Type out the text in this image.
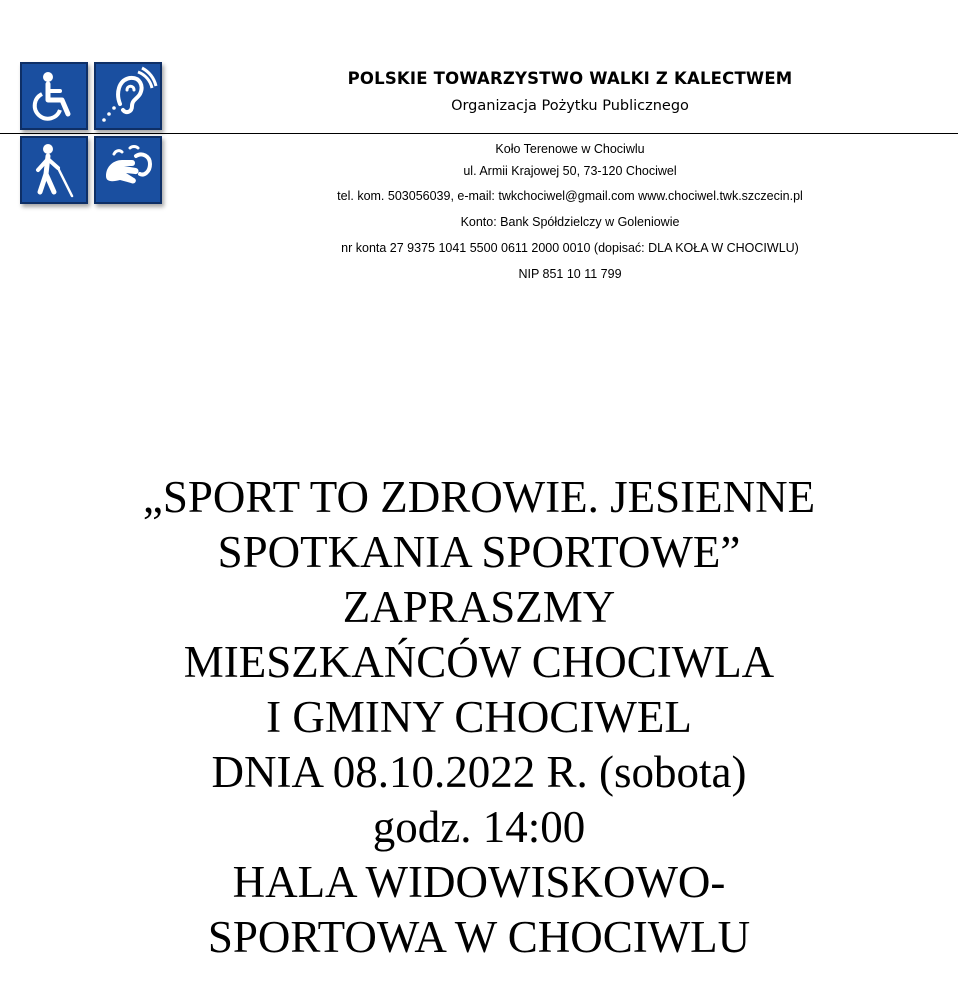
POLSKIE TOWARZYSTWO WALKI Z KALECTWEM
Organizacja Pożytku Publicznego
Koło Terenowe w Chociwlu
ul. Armii Krajowej 50, 73-120 Chociwel
tel. kom. 503056039, e-mail: twkchociwel@gmail.com www.chociwel.twk.szczecin.pl
Konto: Bank Spółdzielczy w Goleniowie
nr konta 27 9375 1041 5500 0611 2000 0010 (dopisać: DLA KOŁA W CHOCIWLU)
NIP 851 10 11 799
„SPORT TO ZDROWIE. JESIENNE
SPOTKANIA SPORTOWE”
ZAPRASZMY
MIESZKAŃCÓW CHOCIWLA
I GMINY CHOCIWEL
DNIA 08.10.2022 R. (sobota)
godz. 14:00
HALA WIDOWISKOWO-
SPORTOWA W CHOCIWLU
